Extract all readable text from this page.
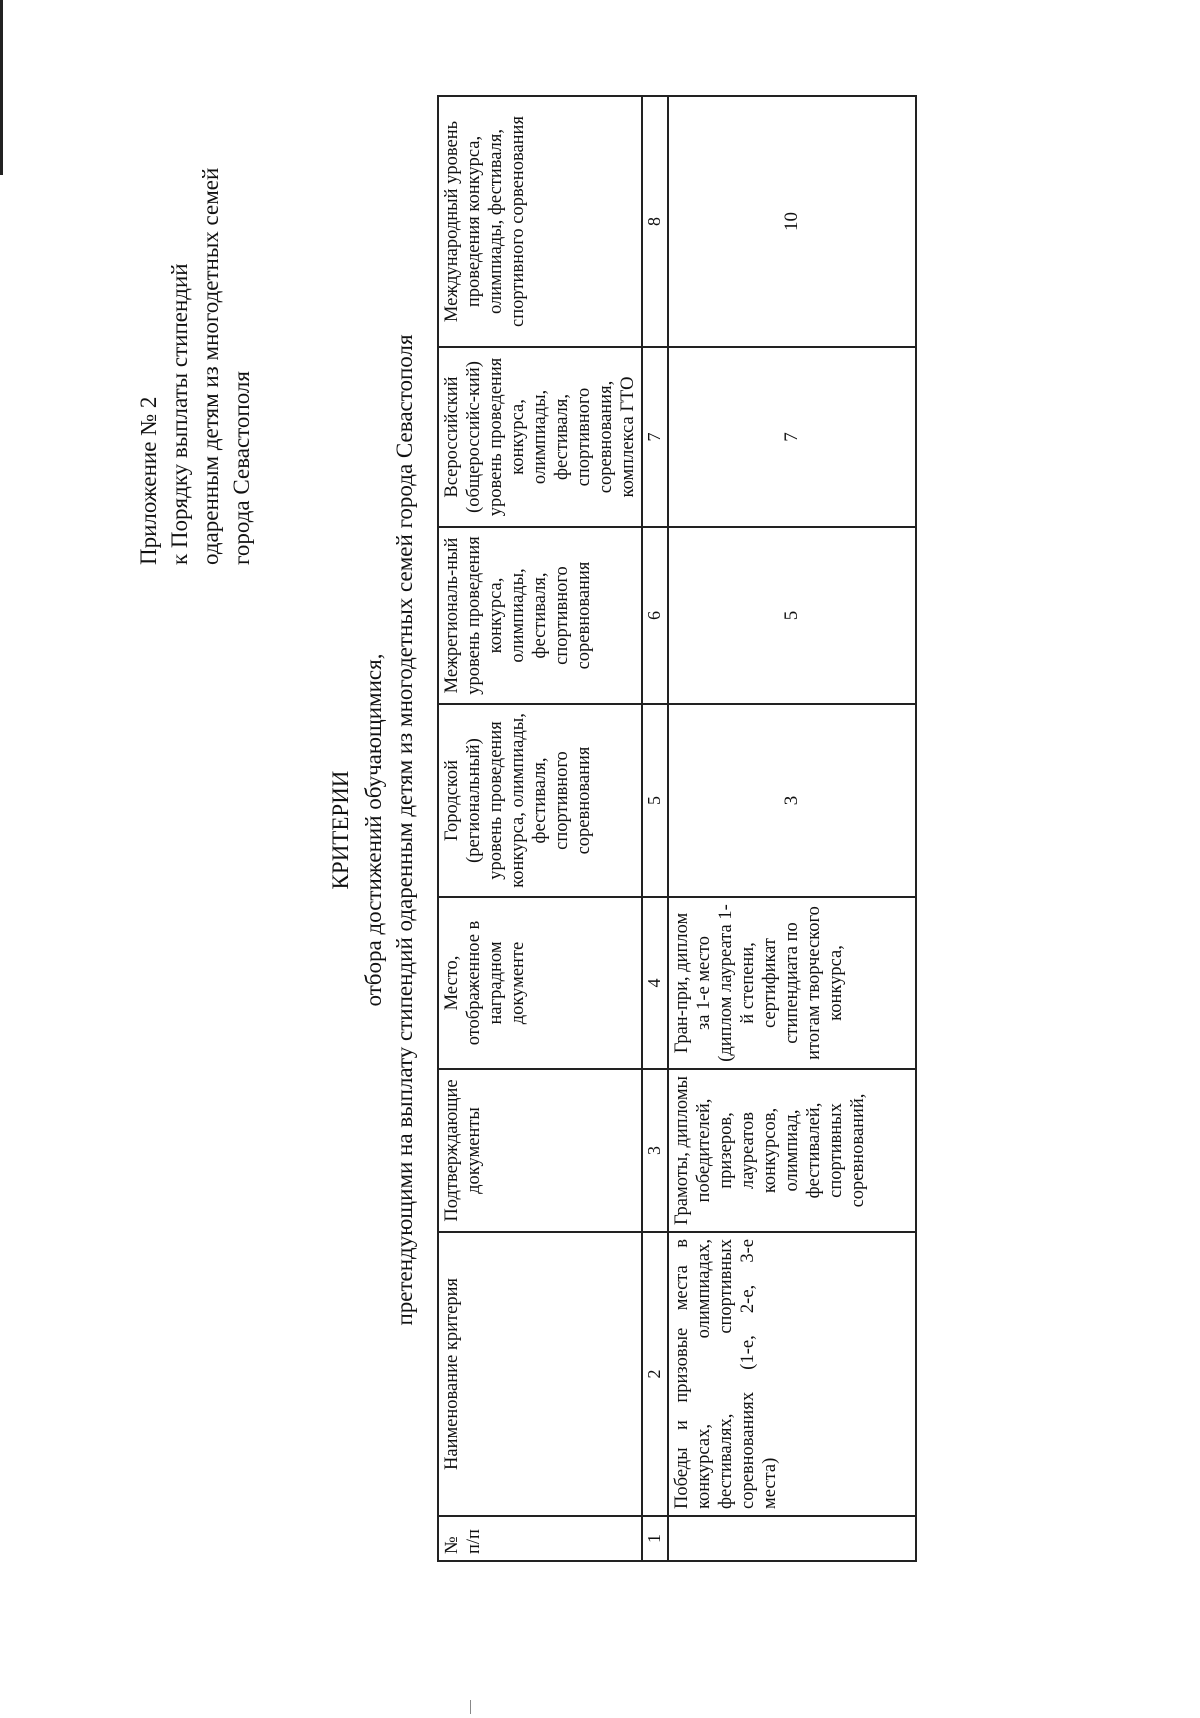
Приложение № 2 к Порядку выплаты стипендий одаренным детям из многодетных семей города Севастополя
КРИТЕРИИ отбора достижений обучающимися, претендующими на выплату стипендий одаренным детям из многодетных семей города Севастополя
№ п/п	Наименование критерия	Подтверждающие документы	Место, отображенное в наградном документе	Городской (региональный) уровень проведения конкурса, олимпиады, фестиваля, спортивного соревнования	Межрегиональ-ный уровень проведения конкурса, олимпиады, фестиваля, спортивного соревнования	Всероссийский (общероссийс-кий) уровень проведения конкурса, олимпиады, фестиваля, спортивного соревнования, комплекса ГТО	Международный уровень проведения конкурса, олимпиады, фестиваля, спортивного сорвенования
1	2	3	4	5	6	7	8
	Победы и призовые места в конкурсах, олимпиадах, фестивалях, спортивных соревнованиях (1-е, 2-е, 3-е места)	Грамоты, дипломы победителей, призеров, лауреатов конкурсов, олимпиад, фестивалей, спортивных соревнований,	Гран-при, диплом за 1-е место (диплом лауреата 1-й степени, сертификат стипендиата по итогам творческого конкурса,	3	5	7	10
